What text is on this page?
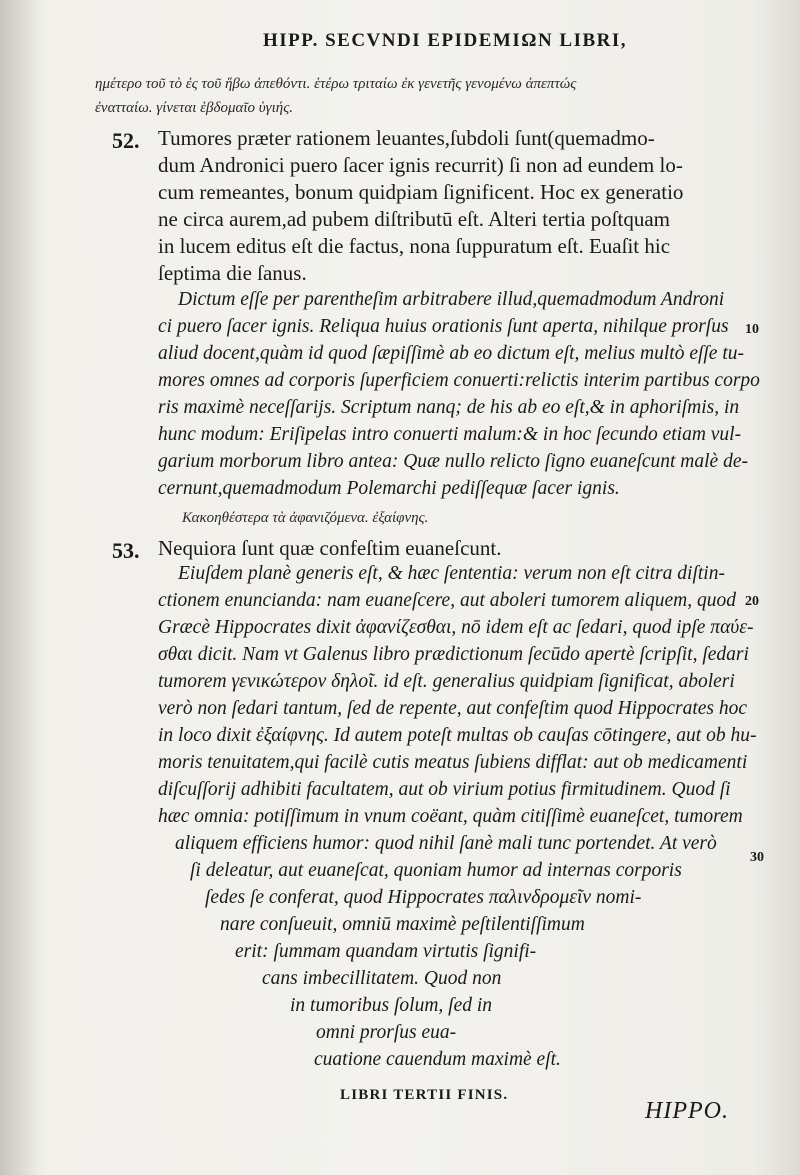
HIPP. SECVNDI EPIDEMIΩN LIBRI,
ημέτερο τοῦ τὸ ἐς τοῦ ἥβω ἀπεθόντι. ἑτέρω τριταίω ἐκ γενετῆς γενομένω ἀπεπτώς
ἐνατταίω. γίνεται ἑβδομαῖο ὑγιής.
52. Tumores præter rationem leuantes,ſubdoli ſunt(quemadmo-
dum Andronici puero ſacer ignis recurrit) ſi non ad eundem lo-
cum remeantes, bonum quidpiam ſignificent. Hoc ex generatio
ne circa aurem,ad pubem diſtributū eſt. Alteri tertia poſtquam
in lucem editus eſt die factus, nona ſuppuratum eſt. Euaſit hic
ſeptima die ſanus.
Dictum eſſe per parentheſim arbitrabere illud,quemadmodum Androni
ci puero ſacer ignis. Reliqua huius orationis ſunt aperta, nihilque prorſus
aliud docent,quàm id quod ſæpiſſimè ab eo dictum eſt, melius multò eſſe tu-
mores omnes ad corporis ſuperficiem conuerti:relictis interim partibus corpo
ris maximè neceſſarijs. Scriptum nanq; de his ab eo eſt,& in aphoriſmis, in
hunc modum: Eriſipelas intro conuerti malum:& in hoc ſecundo etiam vul-
garium morborum libro antea: Quæ nullo relicto ſigno euaneſcunt malè de-
cernunt,quemadmodum Polemarchi pediſſequæ ſacer ignis.
10
Κακοηθέστερα τὰ ἀφανιζόμενα. ἐξαίφνης.
53. Nequiora ſunt quæ confeſtim euaneſcunt.
Eiuſdem planè generis eſt, & hæc ſententia: verum non eſt citra diſtin-
ctionem enuncianda: nam euaneſcere, aut aboleri tumorem aliquem, quod
Græcè Hippocrates dixit ἀφανίζεσθαι, nō idem eſt ac ſedari, quod ipſe παύε-
σθαι dicit. Nam vt Galenus libro prædictionum ſecūdo apertè ſcripſit, ſedari
tumorem γενικώτερον δηλοῖ. id eſt. generalius quidpiam ſignificat, aboleri
verò non ſedari tantum, ſed de repente, aut confeſtim quod Hippocrates hoc
in loco dixit ἐξαίφνης. Id autem poteſt multas ob cauſas cōtingere, aut ob hu-
moris tenuitatem,qui facilè cutis meatus ſubiens difflat: aut ob medicamenti
diſcuſſorij adhibiti facultatem, aut ob virium potius firmitudinem. Quod ſi
hæc omnia: potiſſimum in vnum coëant, quàm citiſſimè euaneſcet, tumorem
aliquem efficiens humor: quod nihil ſanè mali tunc portendet. At verò
ſi deleatur, aut euaneſcat, quoniam humor ad internas corporis
ſedes ſe conferat, quod Hippocrates παλινδρομεῖν nomi-
nare conſueuit, omniū maximè peſtilentiſſimum
erit: ſummam quandam virtutis ſignifi-
cans imbecillitatem. Quod non
in tumoribus ſolum, ſed in
omni prorſus eua-
cuatione cauendum maximè eſt.
20
30
LIBRI TERTII FINIS.
HIPPO.
